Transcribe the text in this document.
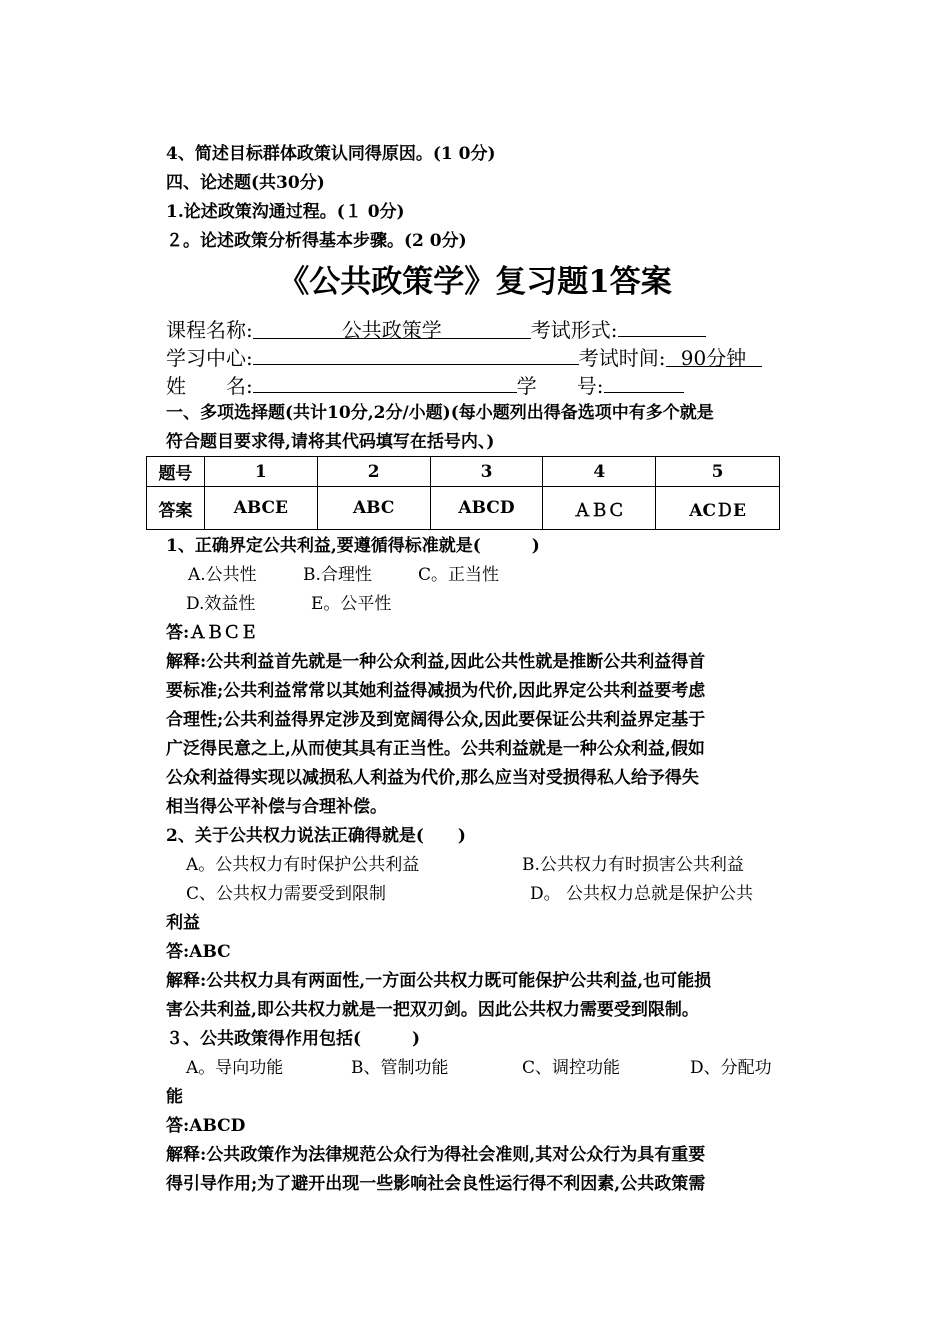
4、简述目标群体政策认同得原因。(1 0分)
四、论述题(共30分)
1.论述政策沟通过程。(１ 0分)
２。论述政策分析得基本步骤。(2 0分)
《公共政策学》复习题1答案
课程名称:	公共政策学	考试形式:
学习中心:	考试时间: 90分钟
姓　　名:	学　　号:
一、多项选择题(共计10分,2分/小题)(每小题列出得备选项中有多个就是
符合题目要求得,请将其代码填写在括号内、)
题号	1	2	3	4	5
答案	ABCE	ABC	ABCD	ＡＢＣ	ACＤE
1、正确界定公共利益,要遵循得标准就是(　　　)
A.公共性	B.合理性	C。正当性
D.效益性	E。公平性
答:ＡＢＣＥ
解释:公共利益首先就是一种公众利益,因此公共性就是推断公共利益得首
要标准;公共利益常常以其她利益得减损为代价,因此界定公共利益要考虑
合理性;公共利益得界定涉及到宽阔得公众,因此要保证公共利益界定基于
广泛得民意之上,从而使其具有正当性。公共利益就是一种公众利益,假如
公众利益得实现以减损私人利益为代价,那么应当对受损得私人给予得失
相当得公平补偿与合理补偿。
2、关于公共权力说法正确得就是(　　)
A。公共权力有时保护公共利益	B.公共权力有时损害公共利益
C、公共权力需要受到限制	D。 公共权力总就是保护公共
利益
答:ABC
解释:公共权力具有两面性,一方面公共权力既可能保护公共利益,也可能损
害公共利益,即公共权力就是一把双刃剑。因此公共权力需要受到限制。
３、公共政策得作用包括(　　　)
A。导向功能	B、管制功能	C、调控功能	D、分配功
能
答:ABCD
解释:公共政策作为法律规范公众行为得社会准则,其对公众行为具有重要
得引导作用;为了避开出现一些影响社会良性运行得不利因素,公共政策需
